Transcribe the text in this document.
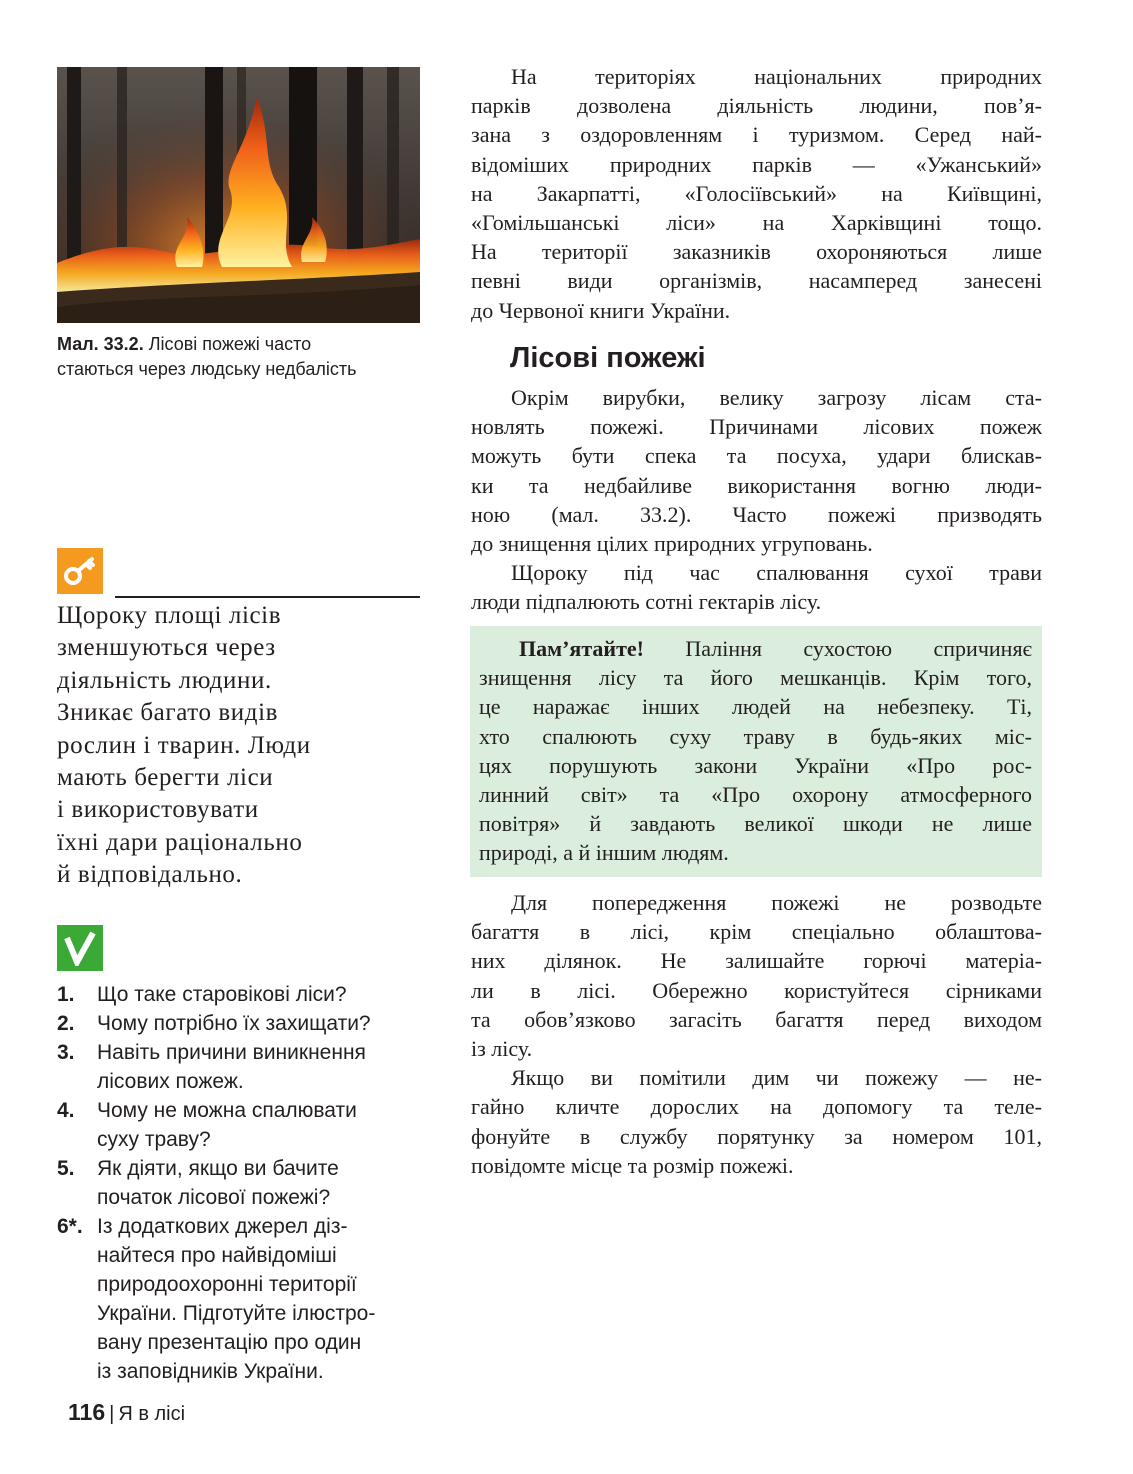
Мал. 33.2. Лісові пожежі часто
стаються через людську недбалість
Щороку площі лісів
зменшуються через
діяльність людини.
Зникає багато видів
рослин і тварин. Люди
мають берегти ліси
і використовувати
їхні дари раціонально
й відповідально.
1. Що таке старовікові ліси?
2. Чому потрібно їх захищати?
3. Навіть причини виникнення
лісових пожеж.
4. Чому не можна спалювати
суху траву?
5. Як діяти, якщо ви бачите
початок лісової пожежі?
6*. Із додаткових джерел діз-
найтеся про найвідоміші
природоохоронні території
України. Підготуйте ілюстро-
вану презентацію про один
із заповідників України.
116 | Я в лісі
На територіях національних природних
парків дозволена діяльність людини, пов’я-
зана з оздоровленням і туризмом. Серед най-
відоміших природних парків — «Ужанський»
на Закарпатті, «Голосіївський» на Київщині,
«Гомільшанські ліси» на Харківщині тощо.
На території заказників охороняються лише
певні види організмів, насамперед занесені
до Червоної книги України.
Лісові пожежі
Окрім вирубки, велику загрозу лісам ста-
новлять пожежі. Причинами лісових пожеж
можуть бути спека та посуха, удари блискав-
ки та недбайливе використання вогню люди-
ною (мал. 33.2). Часто пожежі призводять
до знищення цілих природних угруповань.
Щороку під час спалювання сухої трави
люди підпалюють сотні гектарів лісу.
Пам’ятайте! Паління сухостою спричиняє
знищення лісу та його мешканців. Крім того,
це наражає інших людей на небезпеку. Ті,
хто спалюють суху траву в будь-яких міс-
цях порушують закони України «Про рос-
линний світ» та «Про охорону атмосферного
повітря» й завдають великої шкоди не лише
природі, а й іншим людям.
Для попередження пожежі не розводьте
багаття в лісі, крім спеціально облаштова-
них ділянок. Не залишайте горючі матеріа-
ли в лісі. Обережно користуйтеся сірниками
та обов’язково загасіть багаття перед виходом
із лісу.
Якщо ви помітили дим чи пожежу — не-
гайно кличте дорослих на допомогу та теле-
фонуйте в службу порятунку за номером 101,
повідомте місце та розмір пожежі.
